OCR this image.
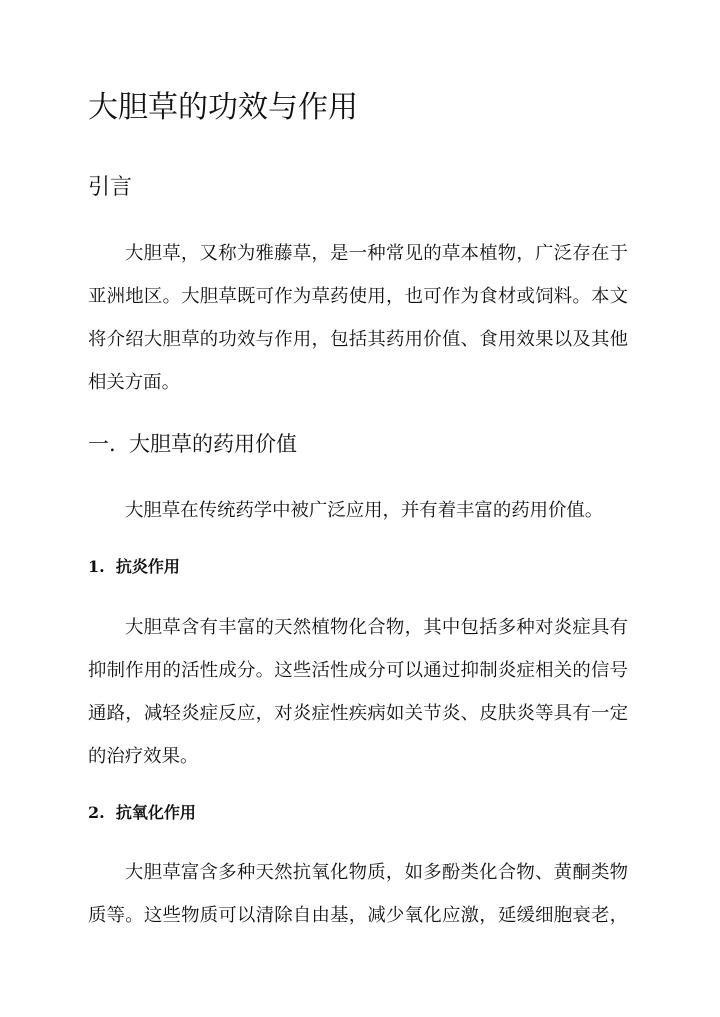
大胆草的功效与作用
引言
大胆草，又称为雅藤草，是一种常见的草本植物，广泛存在于
亚洲地区。大胆草既可作为草药使用，也可作为食材或饲料。本文
将介绍大胆草的功效与作用，包括其药用价值、食用效果以及其他
相关方面。
一.  大胆草的药用价值
大胆草在传统药学中被广泛应用，并有着丰富的药用价值。
1.  抗炎作用
大胆草含有丰富的天然植物化合物，其中包括多种对炎症具有
抑制作用的活性成分。这些活性成分可以通过抑制炎症相关的信号
通路，减轻炎症反应，对炎症性疾病如关节炎、皮肤炎等具有一定
的治疗效果。
2.  抗氧化作用
大胆草富含多种天然抗氧化物质，如多酚类化合物、黄酮类物
质等。这些物质可以清除自由基，减少氧化应激，延缓细胞衰老，
